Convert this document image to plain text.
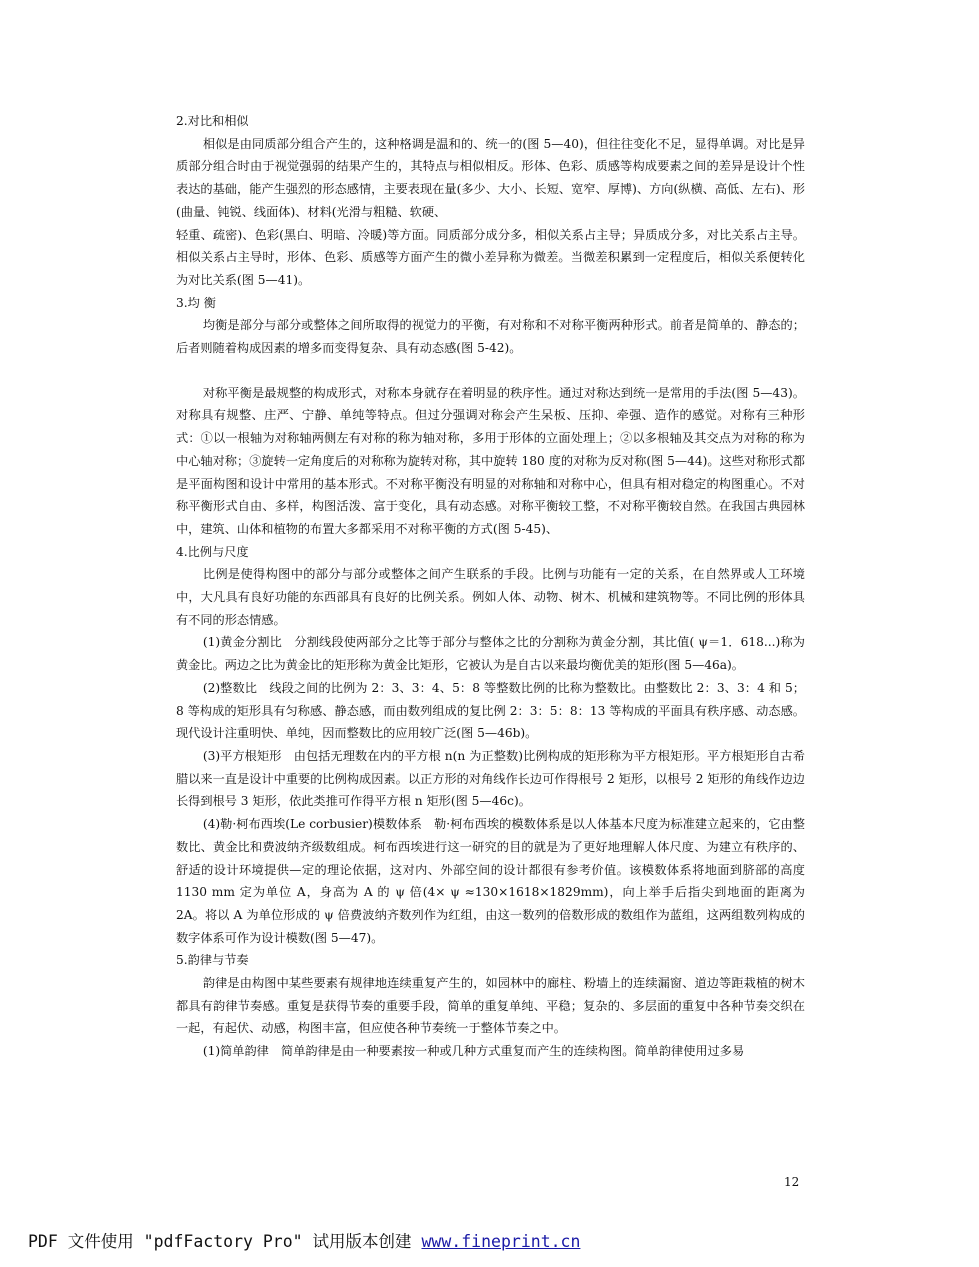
2.对比和相似

相似是由同质部分组合产生的，这种格调是温和的、统一的(图 5—40)，但往往变化不足，显得单调。对比是异质部分组合时由于视觉强弱的结果产生的，其特点与相似相反。形体、色彩、质感等构成要素之间的差异是设计个性表达的基础，能产生强烈的形态感情，主要表现在量(多少、大小、长短、宽窄、厚博)、方向(纵横、高低、左右)、形(曲量、钝锐、线面体)、材料(光滑与粗糙、软硬、

轻重、疏密)、色彩(黑白、明暗、冷暖)等方面。同质部分成分多，相似关系占主导；异质成分多，对比关系占主导。相似关系占主导时，形体、色彩、质感等方面产生的微小差异称为微差。当微差积累到一定程度后，相似关系便转化为对比关系(图 5—41)。

3.均 衡

均衡是部分与部分或整体之间所取得的视觉力的平衡，有对称和不对称平衡两种形式。前者是简单的、静态的；后者则随着构成因素的增多而变得复杂、具有动态感(图 5-42)。

对称平衡是最规整的构成形式，对称本身就存在着明显的秩序性。通过对称达到统一是常用的手法(图 5—43)。对称具有规整、庄严、宁静、单纯等特点。但过分强调对称会产生呆板、压抑、牵强、造作的感觉。对称有三种形式：①以一根轴为对称轴两侧左有对称的称为轴对称，多用于形体的立面处理上；②以多根轴及其交点为对称的称为中心轴对称；③旋转一定角度后的对称称为旋转对称，其中旋转 180 度的对称为反对称(图 5—44)。这些对称形式都是平面构图和设计中常用的基本形式。不对称平衡没有明显的对称轴和对称中心，但具有相对稳定的构图重心。不对称平衡形式自由、多样，构图活泼、富于变化，具有动态感。对称平衡较工整，不对称平衡较自然。在我国古典园林中，建筑、山体和植物的布置大多都采用不对称平衡的方式(图 5-45)、

4.比例与尺度

比例是使得构图中的部分与部分或整体之间产生联系的手段。比例与功能有一定的关系，在自然界或人工环境中，大凡具有良好功能的东西部具有良好的比例关系。例如人体、动物、树木、机械和建筑物等。不同比例的形体具有不同的形态情感。

(1)黄金分割比　分割线段使两部分之比等于部分与整体之比的分割称为黄金分割，其比值( ψ＝1．618...)称为黄金比。两边之比为黄金比的矩形称为黄金比矩形，它被认为是自古以来最均衡优美的矩形(图 5—46a)。

(2)整数比　线段之间的比例为 2：3、3：4、5：8 等整数比例的比称为整数比。由整数比 2：3、3：4 和 5；8 等构成的矩形具有匀称感、静态感，而由数列组成的复比例 2：3：5：8：13 等构成的平面具有秩序感、动态感。现代设计注重明快、单纯，因而整数比的应用较广泛(图 5—46b)。

(3)平方根矩形　由包括无理数在内的平方根 n(n 为正整数)比例构成的矩形称为平方根矩形。平方根矩形自古希腊以来一直是设计中重要的比例构成因素。以正方形的对角线作长边可作得根号 2 矩形，以根号 2 矩形的角线作边边长得到根号 3 矩形，依此类推可作得平方根 n 矩形(图 5—46c)。

(4)勒·柯布西埃(Le corbusier)模数体系　勒·柯布西埃的模数体系是以人体基本尺度为标准建立起来的，它由整数比、黄金比和费波纳齐级数组成。柯布西埃进行这一研究的目的就是为了更好地理解人体尺度、为建立有秩序的、舒适的设计环境提供—定的理论依据，这对内、外部空间的设计都很有参考价值。该模数体系将地面到脐部的高度 1130 mm 定为单位 A，身高为 A 的 ψ 倍(4× ψ ≈130×1618×1829mm)，向上举手后指尖到地面的距离为 2A。将以 A 为单位形成的 ψ 倍费波纳齐数列作为红组，由这一数列的倍数形成的数组作为蓝组，这两组数列构成的数字体系可作为设计模数(图 5—47)。

5.韵律与节奏

韵律是由构图中某些要素有规律地连续重复产生的，如园林中的廊柱、粉墙上的连续漏窗、道边等距栽植的树木都具有韵律节奏感。重复是获得节奏的重要手段，简单的重复单纯、平稳；复杂的、多层面的重复中各种节奏交织在一起，有起伏、动感，构图丰富，但应使各种节奏统一于整体节奏之中。

(1)简单韵律　简单韵律是由一种要素按一种或几种方式重复而产生的连续构图。简单韵律使用过多易

12
PDF 文件使用 "pdfFactory Pro" 试用版本创建 www.fineprint.cn
